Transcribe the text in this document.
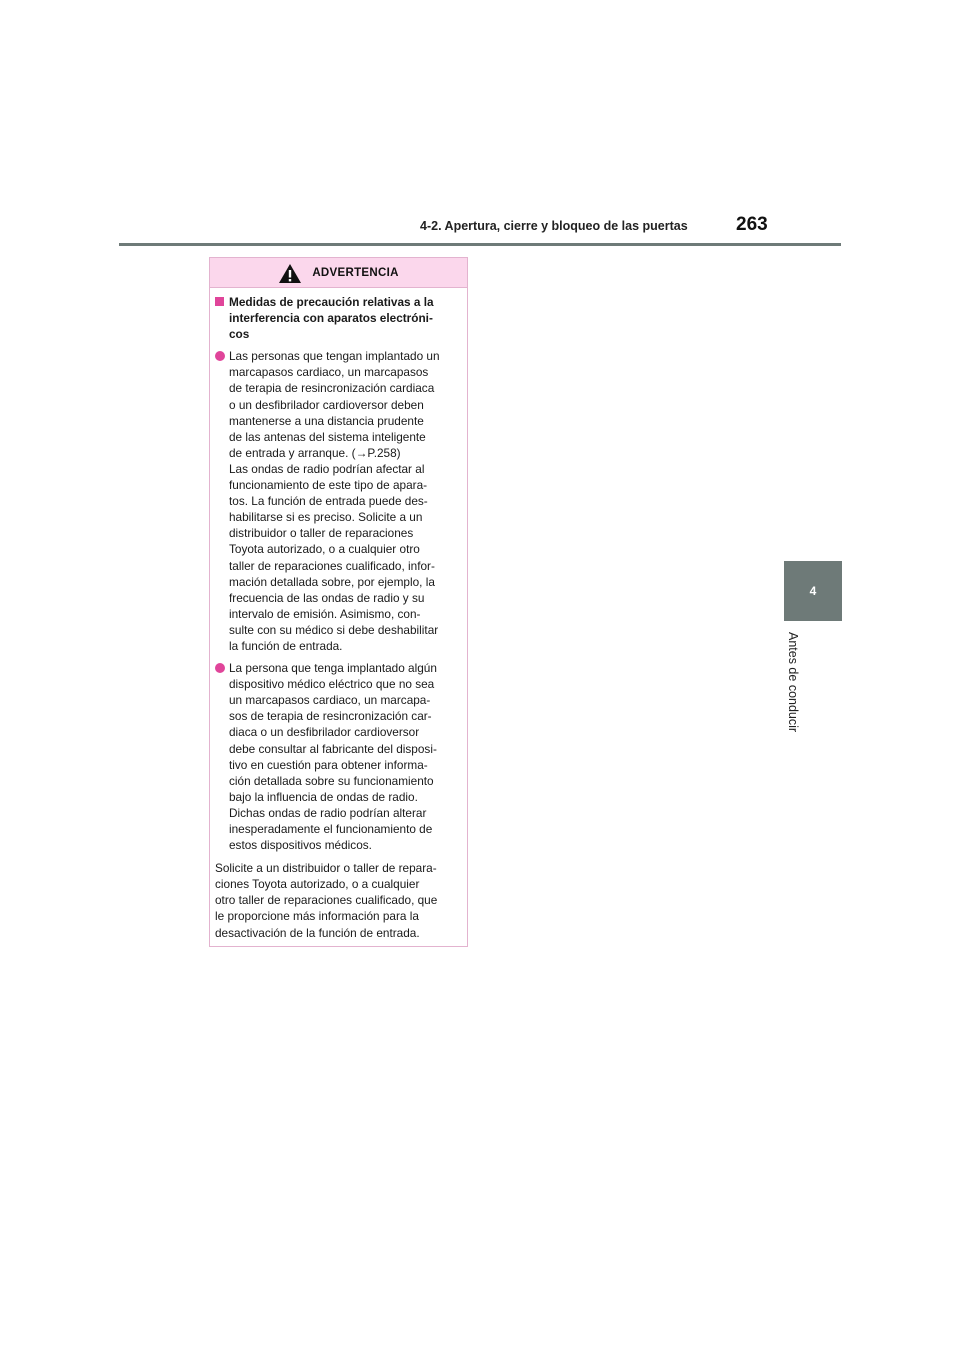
4-2. Apertura, cierre y bloqueo de las puertas	263
4
Antes de conducir
ADVERTENCIA
Medidas de precaución relativas a la
interferencia con aparatos electróni-
cos
Las personas que tengan implantado un
marcapasos cardiaco, un marcapasos
de terapia de resincronización cardiaca
o un desfibrilador cardioversor deben
mantenerse a una distancia prudente
de las antenas del sistema inteligente
de entrada y arranque. (→P.258)
Las ondas de radio podrían afectar al
funcionamiento de este tipo de apara-
tos. La función de entrada puede des-
habilitarse si es preciso. Solicite a un
distribuidor o taller de reparaciones
Toyota autorizado, o a cualquier otro
taller de reparaciones cualificado, infor-
mación detallada sobre, por ejemplo, la
frecuencia de las ondas de radio y su
intervalo de emisión. Asimismo, con-
sulte con su médico si debe deshabilitar
la función de entrada.
La persona que tenga implantado algún
dispositivo médico eléctrico que no sea
un marcapasos cardiaco, un marcapa-
sos de terapia de resincronización car-
diaca o un desfibrilador cardioversor
debe consultar al fabricante del disposi-
tivo en cuestión para obtener informa-
ción detallada sobre su funcionamiento
bajo la influencia de ondas de radio.
Dichas ondas de radio podrían alterar
inesperadamente el funcionamiento de
estos dispositivos médicos.
Solicite a un distribuidor o taller de repara-
ciones Toyota autorizado, o a cualquier
otro taller de reparaciones cualificado, que
le proporcione más información para la
desactivación de la función de entrada.
